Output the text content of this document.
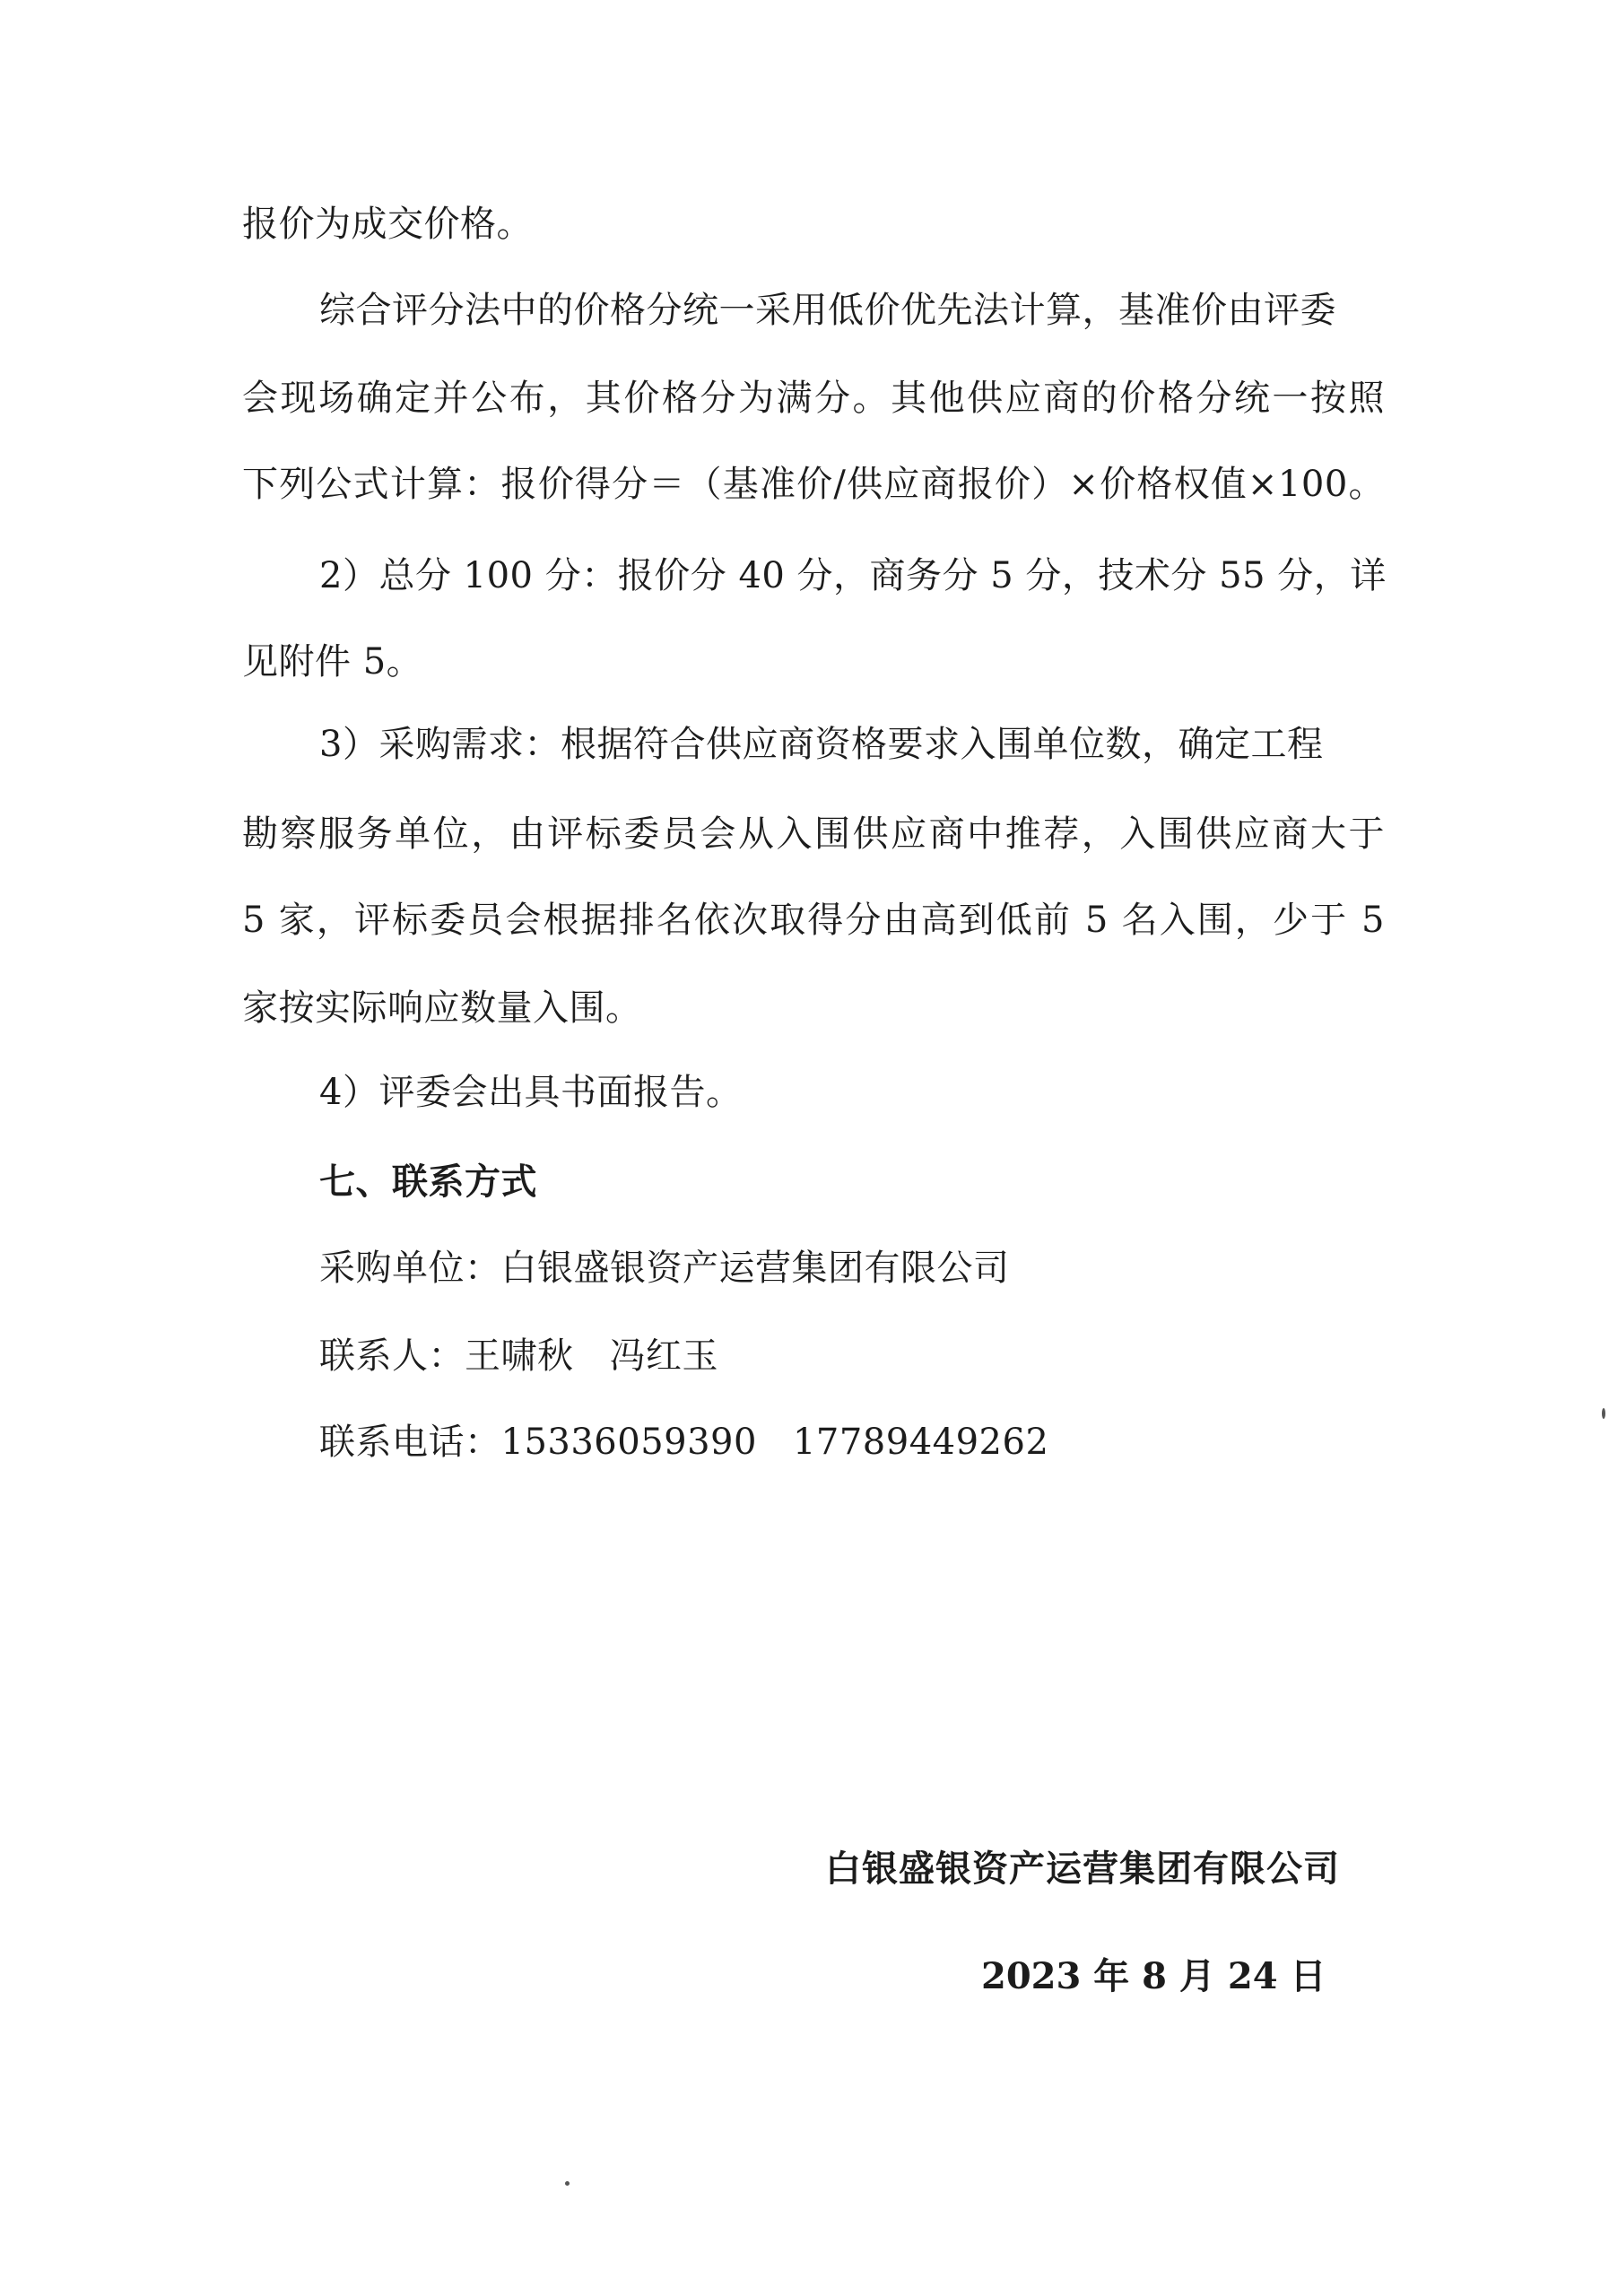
报价为成交价格。
综合评分法中的价格分统一采用低价优先法计算，基准价由评委
会现场确定并公布，其价格分为满分。其他供应商的价格分统一按照
下列公式计算：报价得分＝（基准价/供应商报价）×价格权值×100。
2）总分 100 分：报价分 40 分，商务分 5 分，技术分 55 分，详
见附件 5。
3）采购需求：根据符合供应商资格要求入围单位数，确定工程
勘察服务单位，由评标委员会从入围供应商中推荐，入围供应商大于
5 家，评标委员会根据排名依次取得分由高到低前 5 名入围，少于 5
家按实际响应数量入围。
4）评委会出具书面报告。
七、联系方式
采购单位：白银盛银资产运营集团有限公司
联系人：王啸秋 冯红玉
联系电话：15336059390 17789449262
白银盛银资产运营集团有限公司
2023 年 8 月 24 日
